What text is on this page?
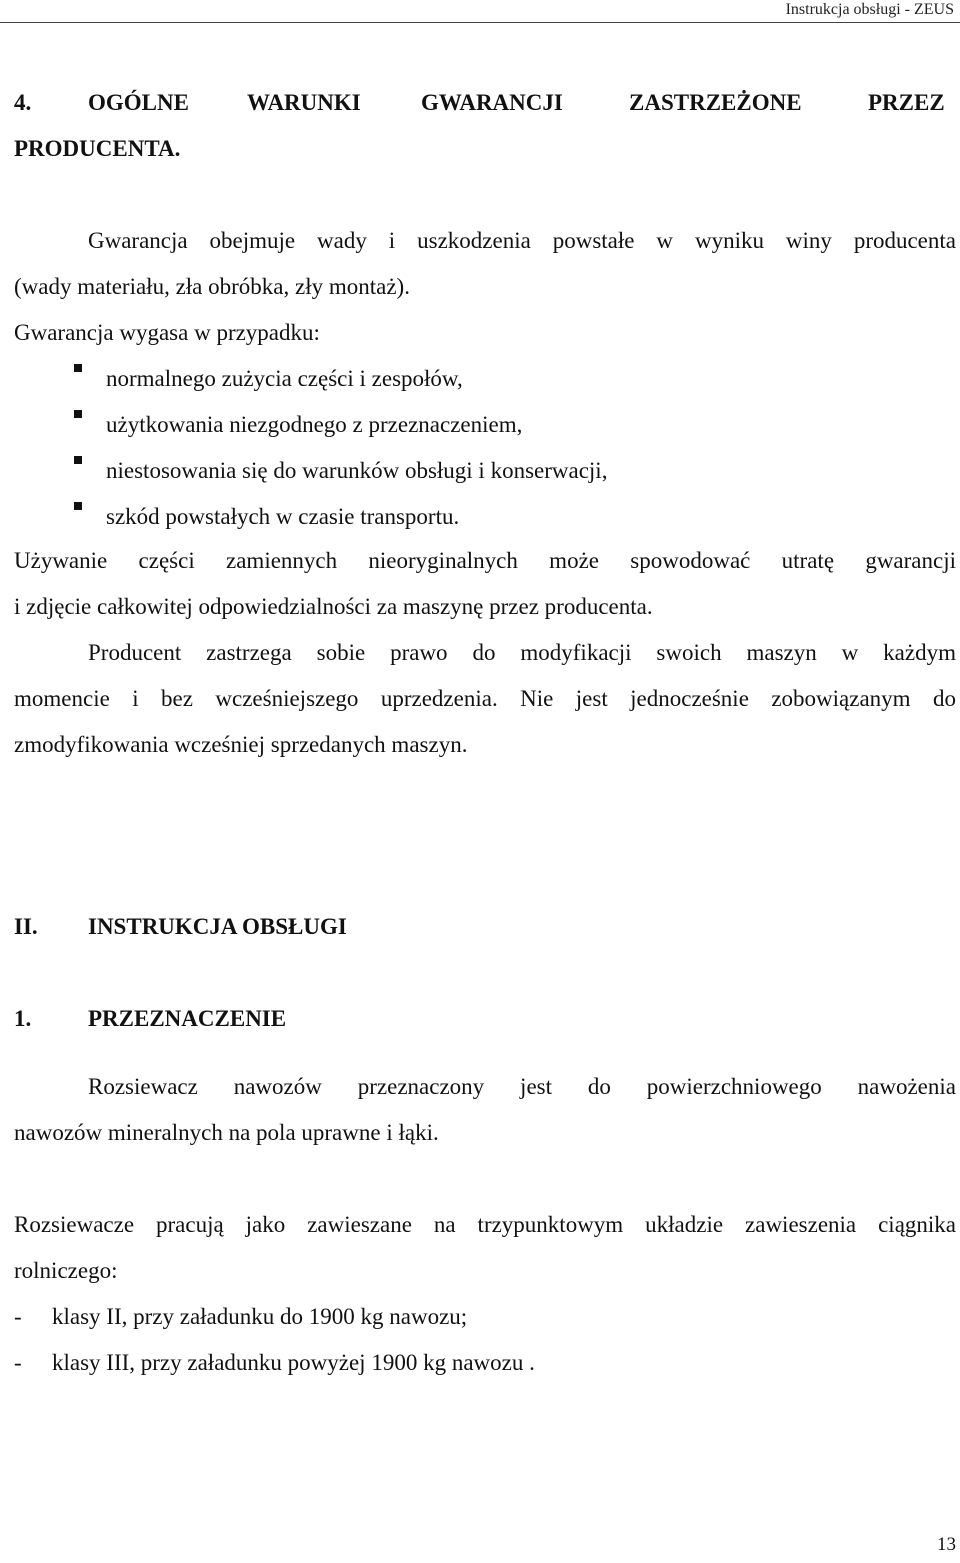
Instrukcja obsługi - ZEUS
4. OGÓLNE	WARUNKI	GWARANCJI	ZASTRZEŻONE	PRZEZ
PRODUCENTA.
Gwarancja obejmuje wady i uszkodzenia powstałe w wyniku winy producenta
(wady materiału, zła obróbka, zły montaż).
Gwarancja wygasa w przypadku:
normalnego zużycia części i zespołów,
użytkowania niezgodnego z przeznaczeniem,
niestosowania się do warunków obsługi i konserwacji,
szkód powstałych w czasie transportu.
Używanie części zamiennych nieoryginalnych może spowodować utratę gwarancji
i zdjęcie całkowitej odpowiedzialności za maszynę przez producenta.
Producent zastrzega sobie prawo do modyfikacji swoich maszyn w każdym
momencie i bez wcześniejszego uprzedzenia. Nie jest jednocześnie zobowiązanym do
zmodyfikowania wcześniej sprzedanych maszyn.
II. INSTRUKCJA OBSŁUGI
1. PRZEZNACZENIE
Rozsiewacz nawozów przeznaczony jest do powierzchniowego nawożenia
nawozów mineralnych na pola uprawne i łąki.
Rozsiewacze pracują jako zawieszane na trzypunktowym układzie zawieszenia ciągnika
rolniczego:
- klasy II, przy załadunku do 1900 kg nawozu;
- klasy III, przy załadunku powyżej 1900 kg nawozu .
13
